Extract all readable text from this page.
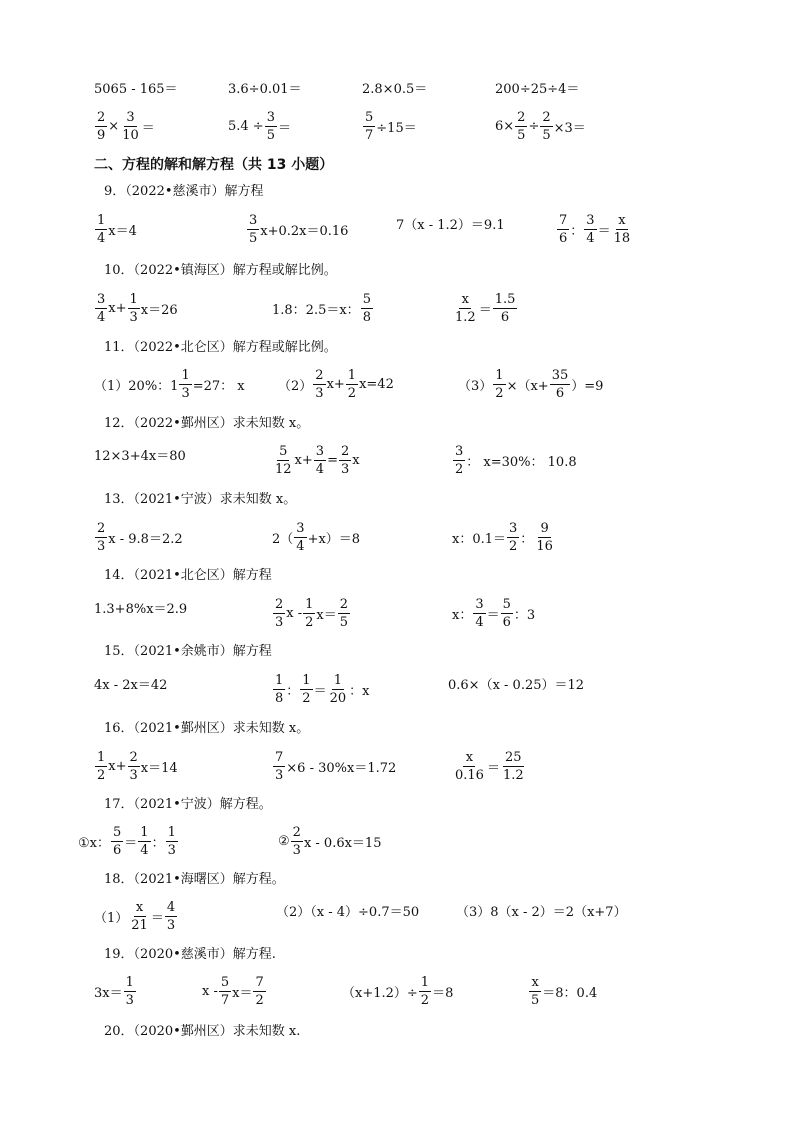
5065 - 165＝	3.6÷0.01＝	2.8×0.5＝	200÷25÷4＝
$\frac{2}{9} \times \frac{3}{10}$ ＝	$5.4 \div \frac{3}{5}$ ＝	$\frac{5}{7} \div 15=$	$6\times \frac{2}{5} \div \frac{2}{5} \times 3=$
二、方程的解和解方程（共 13 小题）
9．（2022•慈溪市）解方程
$\frac{1}{4} x=4$	$\frac{3}{5} x+0.2x=0.16$	7（x - 1.2）＝9.1	$\frac{7}{6}$ ： $\frac{3}{4} = \frac{x}{18}$
10．（2022•镇海区）解方程或解比例。
$\frac{3}{4} x+ \frac{1}{3} x=26$	1.8：2.5＝x： $\frac{5}{8}$	$\frac{x}{1.2} = \frac{1.5}{6}$
11．（2022•北仑区）解方程或解比例。
（1）20%：$1 \frac{1}{3} =27$： x	$(2) \frac{2}{3} x+ \frac{1}{2} x=42$	$(3) \frac{1}{2} \times(x+ \frac{35}{6} )=9$
12．（2022•鄞州区）求未知数 x。
12×3+4x＝80	$\frac{5}{12} x+ \frac{3}{4} = \frac{2}{3}$ x	$\frac{3}{2}$ ： x=30%： 10.8
13．（2021•宁波）求未知数 x。
$\frac{2}{3}$ x - 9.8＝2.2	$2( \frac{3}{4} +x)=8$	x：$0.1= \frac{3}{2}$ ： $\frac{9}{16}$
14．（2021•北仑区）解方程
1.3+8%x＝2.9	$\frac{2}{3}$ $x - \frac{1}{2} x= \frac{2}{5}$	x： $\frac{3}{4} = \frac{5}{6}$ ：3
15．（2021•余姚市）解方程
4x - 2x＝42	$\frac{1}{8}$ ： $\frac{1}{2} = \frac{1}{20}$ ：x	0.6×（x - 0.25）＝12
16．（2021•鄞州区）求未知数 x。
$\frac{1}{2} x+ \frac{2}{3} x=14$	$\frac{7}{3} \times 6 - 30\%x=1.72$	$\frac{x}{0.16} = \frac{25}{1.2}$
17．（2021•宁波）解方程。
①x： $\frac{5}{6} = \frac{1}{4}$ ： $\frac{1}{3}$	② $\frac{2}{3}$ x - 0.6x＝15
18．（2021•海曙区）解方程。
$(1) \frac{x}{21} = \frac{4}{3}$	（2）（x - 4）÷0.7＝50	（3）8（x - 2）＝2（x+7）
19．（2020•慈溪市）解方程.
$3x= \frac{1}{3}$	$x - \frac{5}{7} x= \frac{7}{2}$	$(x+1.2)\div \frac{1}{2} =8$	$\frac{x}{5} =8$：0.4
20．（2020•鄞州区）求未知数 x.
